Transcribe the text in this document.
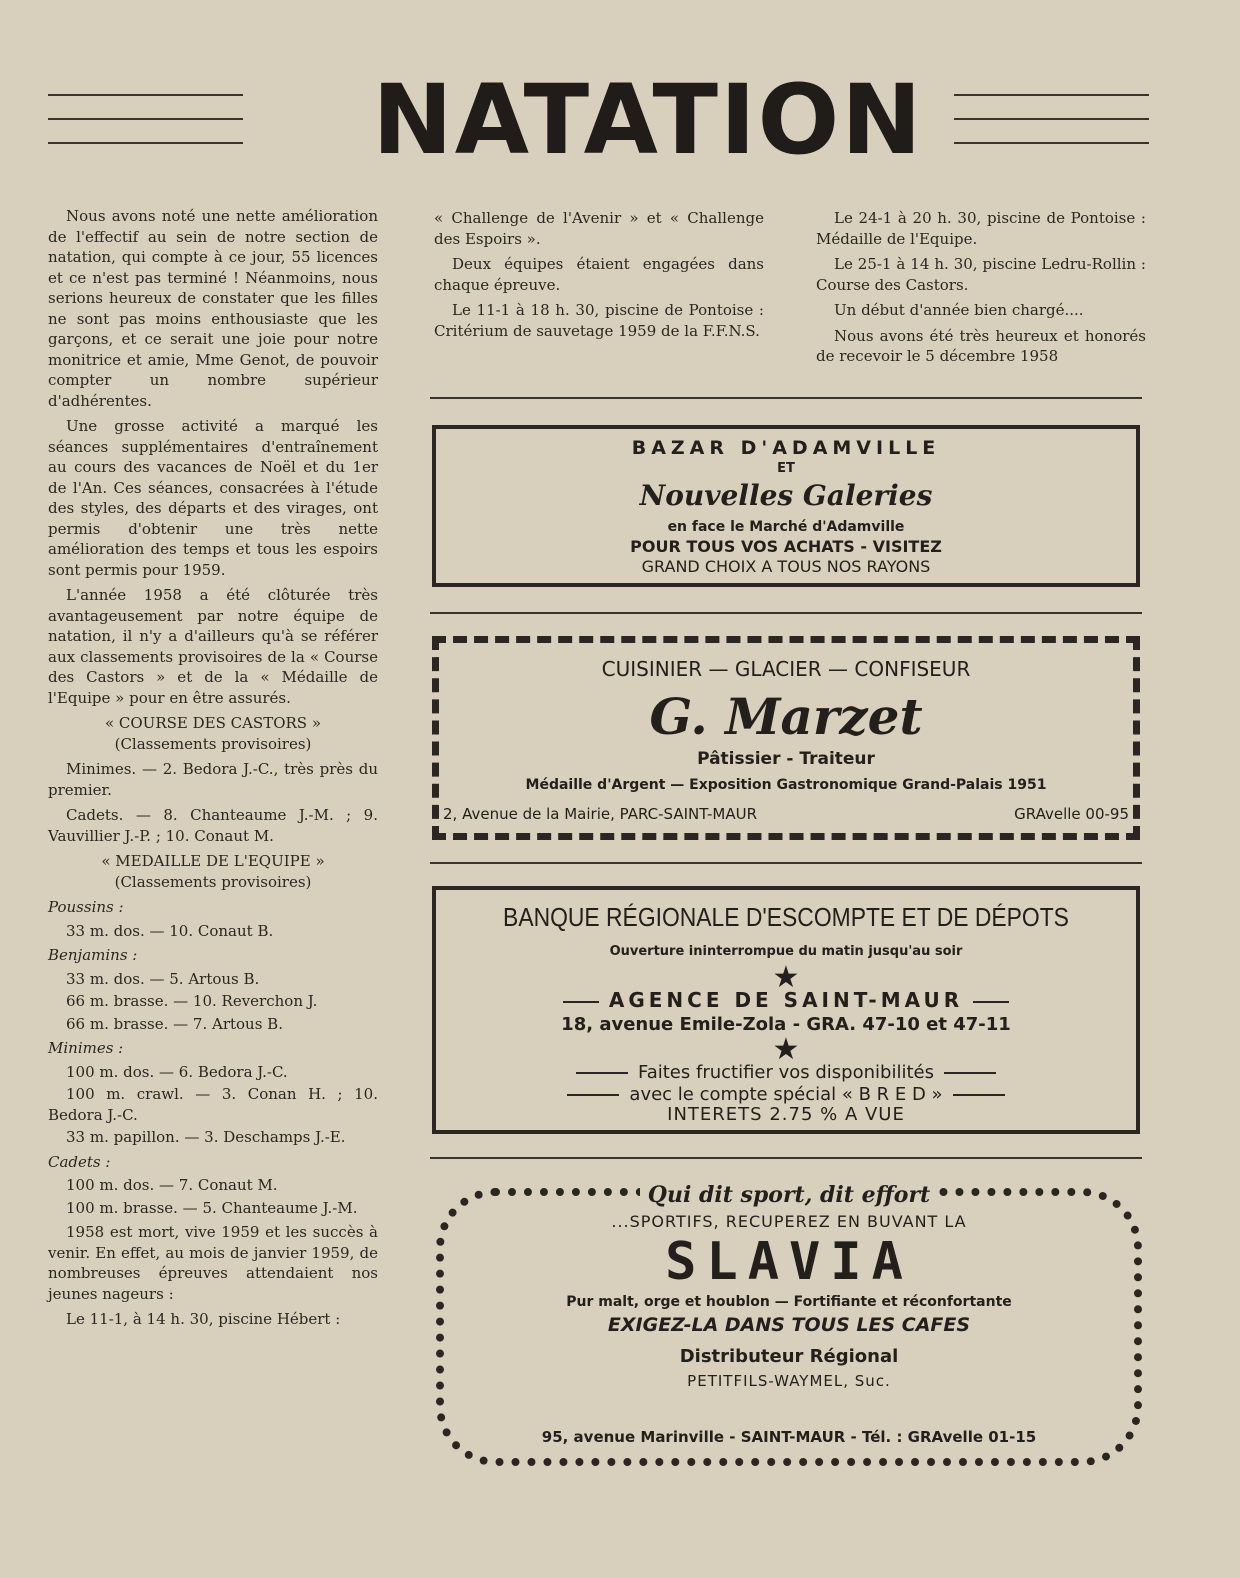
NATATION

Nous avons noté une nette amélioration de l'effectif au sein de notre section de natation, qui compte à ce jour, 55 licences et ce n'est pas terminé ! Néanmoins, nous serions heureux de constater que les filles ne sont pas moins enthousiaste que les garçons, et ce serait une joie pour notre monitrice et amie, Mme Genot, de pouvoir compter un nombre supérieur d'adhérentes.

Une grosse activité a marqué les séances supplémentaires d'entraînement au cours des vacances de Noël et du 1er de l'An. Ces séances, consacrées à l'étude des styles, des départs et des virages, ont permis d'obtenir une très nette amélioration des temps et tous les espoirs sont permis pour 1959.

L'année 1958 a été clôturée très avantageusement par notre équipe de natation, il n'y a d'ailleurs qu'à se référer aux classements provisoires de la « Course des Castors » et de la « Médaille de l'Equipe » pour en être assurés.

« COURSE DES CASTORS »

(Classements provisoires)

Minimes. — 2. Bedora J.-C., très près du premier.

Cadets. — 8. Chanteaume J.-M. ; 9. Vauvillier J.-P. ; 10. Conaut M.

« MEDAILLE DE L'EQUIPE »

(Classements provisoires)

Poussins :

33 m. dos. — 10. Conaut B.

Benjamins :

33 m. dos. — 5. Artous B.

66 m. brasse. — 10. Reverchon J.

66 m. brasse. — 7. Artous B.

Minimes :

100 m. dos. — 6. Bedora J.-C.

100 m. crawl. — 3. Conan H. ; 10. Bedora J.-C.

33 m. papillon. — 3. Deschamps J.-E.

Cadets :

100 m. dos. — 7. Conaut M.

100 m. brasse. — 5. Chanteaume J.-M.

1958 est mort, vive 1959 et les succès à venir. En effet, au mois de janvier 1959, de nombreuses épreuves attendaient nos jeunes nageurs :

Le 11-1, à 14 h. 30, piscine Hébert :

« Challenge de l'Avenir » et « Challenge des Espoirs ».

Deux équipes étaient engagées dans chaque épreuve.

Le 11-1 à 18 h. 30, piscine de Pontoise : Critérium de sauvetage 1959 de la F.F.N.S.

Le 24-1 à 20 h. 30, piscine de Pontoise : Médaille de l'Equipe.

Le 25-1 à 14 h. 30, piscine Ledru-Rollin : Course des Castors.

Un début d'année bien chargé....

Nous avons été très heureux et honorés de recevoir le 5 décembre 1958

BAZAR D'ADAMVILLE
ET
Nouvelles Galeries
en face le Marché d'Adamville
POUR TOUS VOS ACHATS - VISITEZ
GRAND CHOIX A TOUS NOS RAYONS
CUISINIER — GLACIER — CONFISEUR
G. Marzet
Pâtissier - Traiteur
Médaille d'Argent — Exposition Gastronomique Grand-Palais 1951
2, Avenue de la Mairie, PARC-SAINT-MAUR	GRAvelle 00-95
BANQUE RÉGIONALE D'ESCOMPTE ET DE DÉPOTS
Ouverture ininterrompue du matin jusqu'au soir
★
AGENCE DE SAINT-MAUR
18, avenue Emile-Zola - GRA. 47-10 et 47-11
★
Faites fructifier vos disponibilités
avec le compte spécial « B R E D »
INTERETS 2.75 % A VUE
Qui dit sport, dit effort
...SPORTIFS, RECUPEREZ EN BUVANT LA
SLAVIA
Pur malt, orge et houblon — Fortifiante et réconfortante
EXIGEZ-LA DANS TOUS LES CAFES
Distributeur Régional
PETITFILS-WAYMEL, Suc.
95, avenue Marinville - SAINT-MAUR - Tél. : GRAvelle 01-15
